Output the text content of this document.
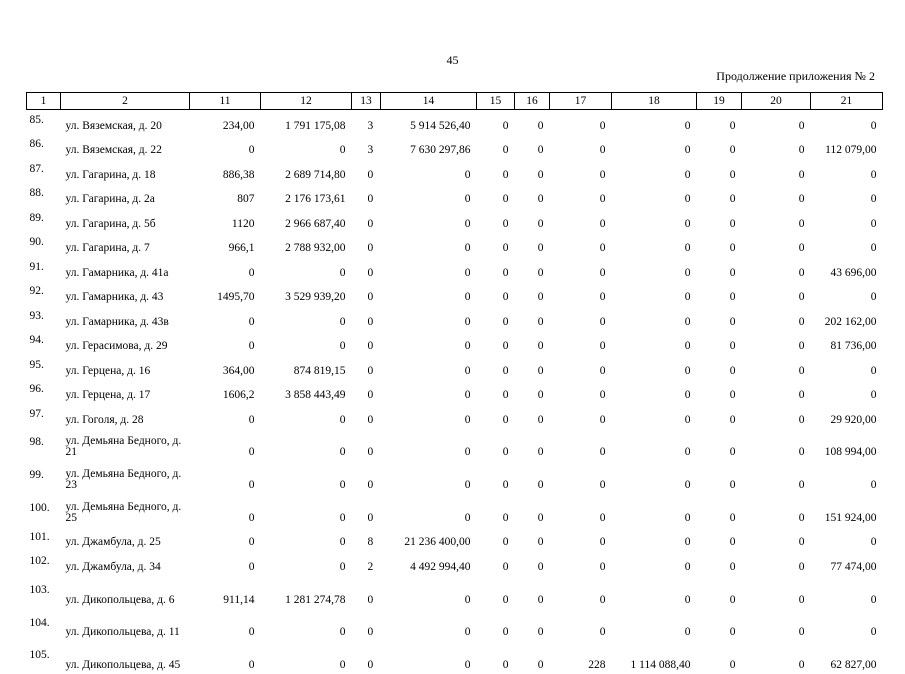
45
Продолжение приложения № 2
1	2	11	12	13	14	15	16	17	18	19	20	21
85.	ул. Вяземская, д. 20	234,00	1 791 175,08	3	5 914 526,40	0	0	0	0	0	0	0
86.	ул. Вяземская, д. 22	0	0	3	7 630 297,86	0	0	0	0	0	0	112 079,00
87.	ул. Гагарина, д. 18	886,38	2 689 714,80	0	0	0	0	0	0	0	0	0
88.	ул. Гагарина, д. 2а	807	2 176 173,61	0	0	0	0	0	0	0	0	0
89.	ул. Гагарина, д. 5б	1120	2 966 687,40	0	0	0	0	0	0	0	0	0
90.	ул. Гагарина, д. 7	966,1	2 788 932,00	0	0	0	0	0	0	0	0	0
91.	ул. Гамарника, д. 41а	0	0	0	0	0	0	0	0	0	0	43 696,00
92.	ул. Гамарника, д. 43	1495,70	3 529 939,20	0	0	0	0	0	0	0	0	0
93.	ул. Гамарника, д. 43в	0	0	0	0	0	0	0	0	0	0	202 162,00
94.	ул. Герасимова, д. 29	0	0	0	0	0	0	0	0	0	0	81 736,00
95.	ул. Герцена, д. 16	364,00	874 819,15	0	0	0	0	0	0	0	0	0
96.	ул. Герцена, д. 17	1606,2	3 858 443,49	0	0	0	0	0	0	0	0	0
97.	ул. Гоголя, д. 28	0	0	0	0	0	0	0	0	0	0	29 920,00
98.	ул. Демьяна Бедного, д. 21	0	0	0	0	0	0	0	0	0	0	108 994,00
99.	ул. Демьяна Бедного, д. 23	0	0	0	0	0	0	0	0	0	0	0
100.	ул. Демьяна Бедного, д. 25	0	0	0	0	0	0	0	0	0	0	151 924,00
101.	ул. Джамбула, д. 25	0	0	8	21 236 400,00	0	0	0	0	0	0	0
102.	ул. Джамбула, д. 34	0	0	2	4 492 994,40	0	0	0	0	0	0	77 474,00
103.	ул. Дикопольцева, д. 6	911,14	1 281 274,78	0	0	0	0	0	0	0	0	0
104.	ул. Дикопольцева, д. 11	0	0	0	0	0	0	0	0	0	0	0
105.	ул. Дикопольцева, д. 45	0	0	0	0	0	0	228	1 114 088,40	0	0	62 827,00
